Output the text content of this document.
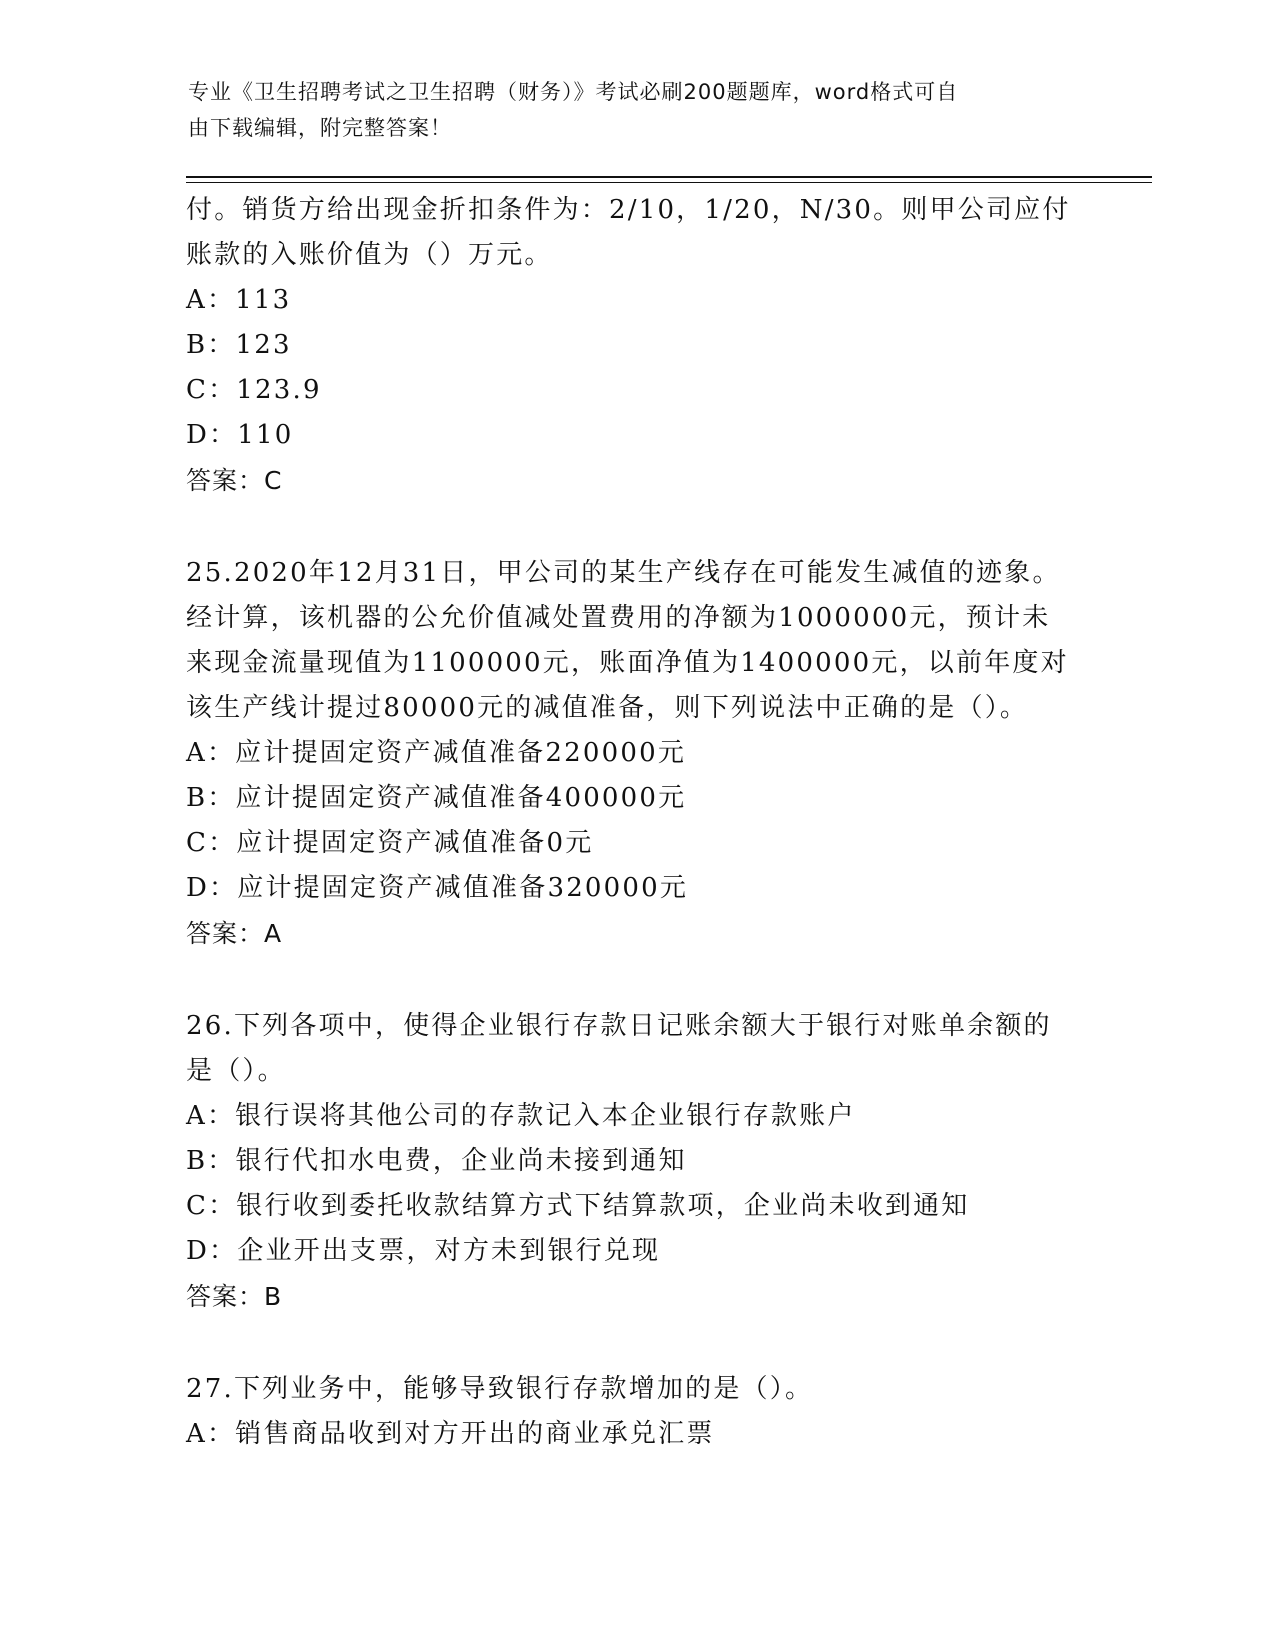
专业《卫生招聘考试之卫生招聘（财务）》考试必刷200题题库，word格式可自
由下载编辑，附完整答案！
付。销货方给出现金折扣条件为：2/10，1/20，N/30。则甲公司应付
账款的入账价值为（）万元。
A：113
B：123
C：123.9
D：110
答案：C
25.2020年12月31日，甲公司的某生产线存在可能发生减值的迹象。
经计算，该机器的公允价值减处置费用的净额为1000000元，预计未
来现金流量现值为1100000元，账面净值为1400000元，以前年度对
该生产线计提过80000元的减值准备，则下列说法中正确的是（）。
A：应计提固定资产减值准备220000元
B：应计提固定资产减值准备400000元
C：应计提固定资产减值准备0元
D：应计提固定资产减值准备320000元
答案：A
26.下列各项中，使得企业银行存款日记账余额大于银行对账单余额的
是（）。
A：银行误将其他公司的存款记入本企业银行存款账户
B：银行代扣水电费，企业尚未接到通知
C：银行收到委托收款结算方式下结算款项，企业尚未收到通知
D：企业开出支票，对方未到银行兑现
答案：B
27.下列业务中，能够导致银行存款增加的是（）。
A：销售商品收到对方开出的商业承兑汇票
